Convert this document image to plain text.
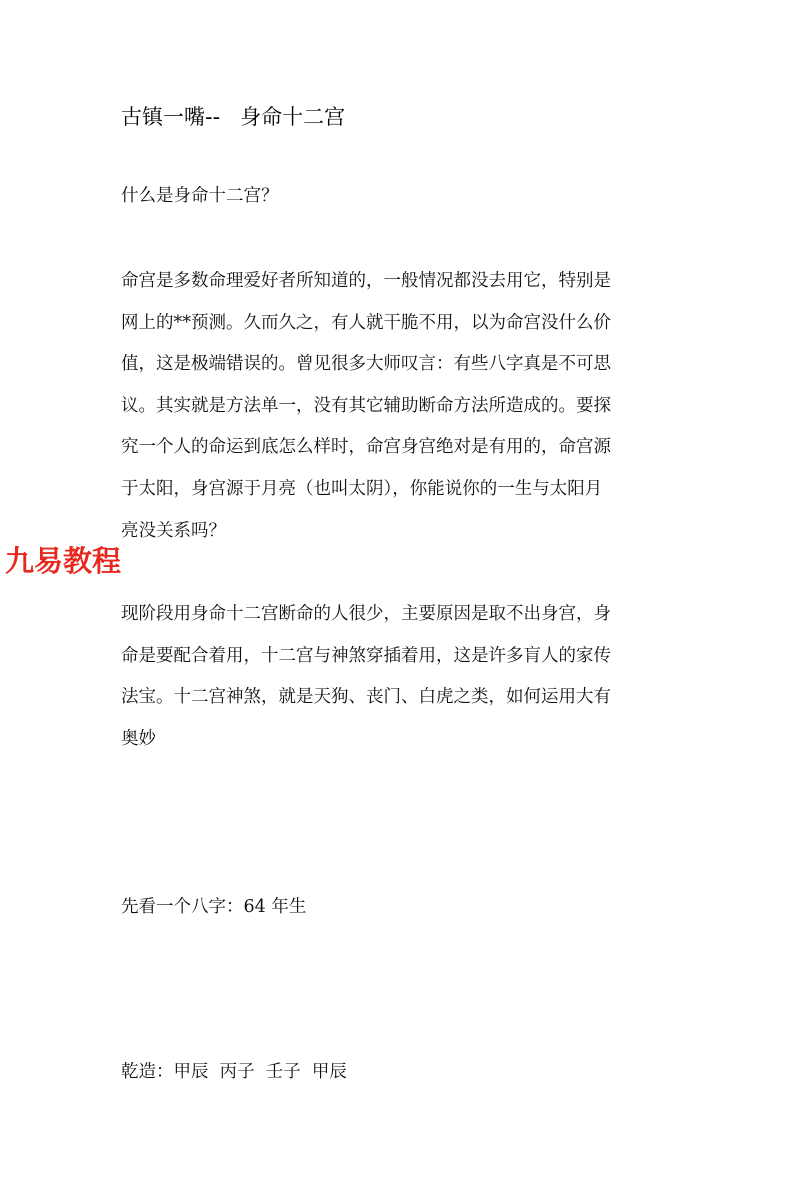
古镇一嘴--   身命十二宫
什么是身命十二宫？
命宫是多数命理爱好者所知道的，一般情况都没去用它，特别是
网上的**预测。久而久之，有人就干脆不用，以为命宫没什么价
值，这是极端错误的。曾见很多大师叹言：有些八字真是不可思
议。其实就是方法单一，没有其它辅助断命方法所造成的。要探
究一个人的命运到底怎么样时，命宫身宫绝对是有用的，命宫源
于太阳，身宫源于月亮（也叫太阴），你能说你的一生与太阳月
亮没关系吗？
九易教程
现阶段用身命十二宫断命的人很少，主要原因是取不出身宫，身
命是要配合着用，十二宫与神煞穿插着用，这是许多肓人的家传
法宝。十二宫神煞，就是天狗、丧门、白虎之类，如何运用大有
奥妙
先看一个八字：64 年生

乾造：甲辰  丙子  壬子  甲辰
